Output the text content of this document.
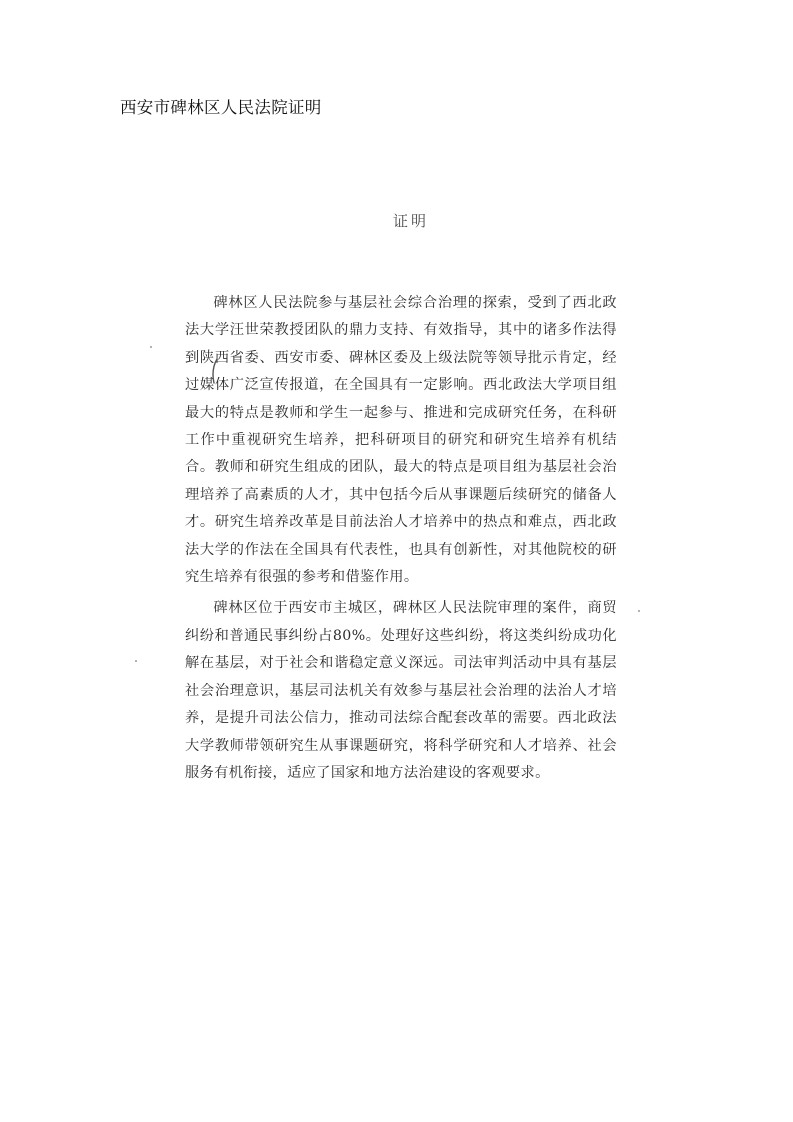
西安市碑林区人民法院证明
证明

碑林区人民法院参与基层社会综合治理的探索，受到了西北政法大学汪世荣教授团队的鼎力支持、有效指导，其中的诸多作法得到陕西省委、西安市委、碑林区委及上级法院等领导批示肯定，经过媒体广泛宣传报道，在全国具有一定影响。西北政法大学项目组最大的特点是教师和学生一起参与、推进和完成研究任务，在科研工作中重视研究生培养，把科研项目的研究和研究生培养有机结合。教师和研究生组成的团队，最大的特点是项目组为基层社会治理培养了高素质的人才，其中包括今后从事课题后续研究的储备人才。研究生培养改革是目前法治人才培养中的热点和难点，西北政法大学的作法在全国具有代表性，也具有创新性，对其他院校的研究生培养有很强的参考和借鉴作用。

碑林区位于西安市主城区，碑林区人民法院审理的案件，商贸纠纷和普通民事纠纷占80%。处理好这些纠纷，将这类纠纷成功化解在基层，对于社会和谐稳定意义深远。司法审判活动中具有基层社会治理意识，基层司法机关有效参与基层社会治理的法治人才培养，是提升司法公信力，推动司法综合配套改革的需要。西北政法大学教师带领研究生从事课题研究，将科学研究和人才培养、社会服务有机衔接，适应了国家和地方法治建设的客观要求。
